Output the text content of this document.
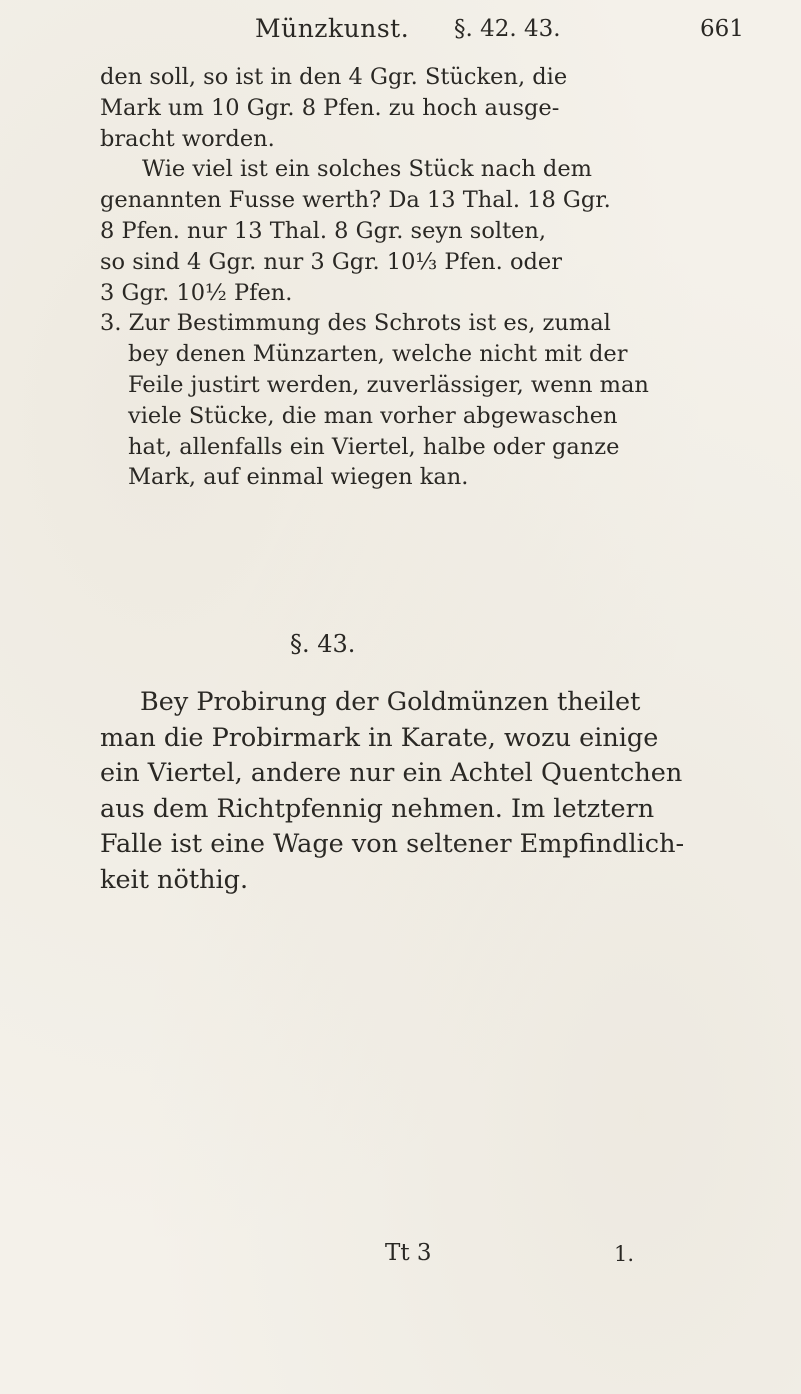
Münzkunst. §. 42. 43.	661
den soll, so ist in den 4 Ggr. Stücken, die
Mark um 10 Ggr. 8 Pfen. zu hoch ausge-
bracht worden.
Wie viel ist ein solches Stück nach dem
genannten Fusse werth? Da 13 Thal. 18 Ggr.
8 Pfen. nur 13 Thal. 8 Ggr. seyn solten,
so sind 4 Ggr. nur 3 Ggr. 10⅓ Pfen. oder
3 Ggr. 10½ Pfen.
3. Zur Bestimmung des Schrots ist es, zumal
bey denen Münzarten, welche nicht mit der
Feile justirt werden, zuverlässiger, wenn man
viele Stücke, die man vorher abgewaschen
hat, allenfalls ein Viertel, halbe oder ganze
Mark, auf einmal wiegen kan.
§. 43.
Bey Probirung der Goldmünzen theilet
man die Probirmark in Karate, wozu einige
ein Viertel, andere nur ein Achtel Quentchen
aus dem Richtpfennig nehmen. Im letztern
Falle ist eine Wage von seltener Empfindlich-
keit nöthig.
Tt 3	1.
